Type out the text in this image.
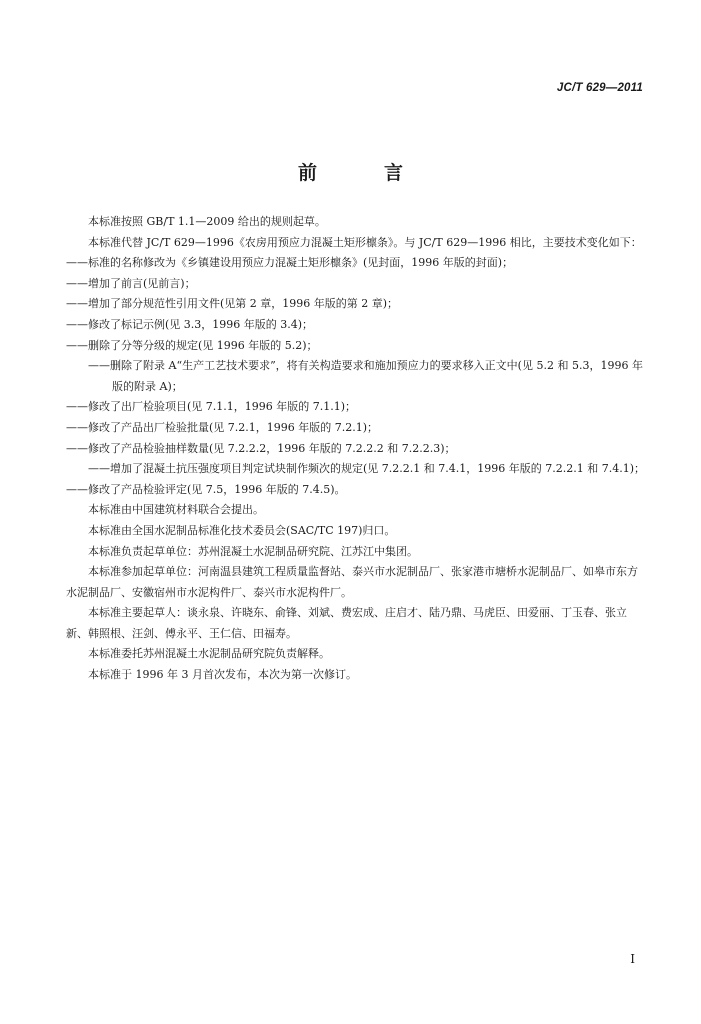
JC/T 629—2011
前　言

本标准按照 GB/T 1.1—2009 给出的规则起草。

本标准代替 JC/T 629—1996《农房用预应力混凝土矩形檩条》。与 JC/T 629—1996 相比，主要技术变化如下：

——标准的名称修改为《乡镇建设用预应力混凝土矩形檩条》(见封面，1996 年版的封面)；

——增加了前言(见前言)；

——增加了部分规范性引用文件(见第 2 章，1996 年版的第 2 章)；

——修改了标记示例(见 3.3，1996 年版的 3.4)；

——删除了分等分级的规定(见 1996 年版的 5.2)；

——删除了附录 A“生产工艺技术要求”，将有关构造要求和施加预应力的要求移入正文中(见 5.2 和 5.3，1996 年版的附录 A)；

——修改了出厂检验项目(见 7.1.1，1996 年版的 7.1.1)；

——修改了产品出厂检验批量(见 7.2.1，1996 年版的 7.2.1)；

——修改了产品检验抽样数量(见 7.2.2.2，1996 年版的 7.2.2.2 和 7.2.2.3)；

——增加了混凝土抗压强度项目判定试块制作频次的规定(见 7.2.2.1 和 7.4.1，1996 年版的 7.2.2.1 和 7.4.1)；

——修改了产品检验评定(见 7.5，1996 年版的 7.4.5)。

本标准由中国建筑材料联合会提出。

本标准由全国水泥制品标准化技术委员会(SAC/TC 197)归口。

本标准负责起草单位：苏州混凝土水泥制品研究院、江苏江中集团。

本标准参加起草单位：河南温县建筑工程质量监督站、泰兴市水泥制品厂、张家港市塘桥水泥制品厂、如皋市东方水泥制品厂、安徽宿州市水泥构件厂、泰兴市水泥构件厂。

本标准主要起草人：谈永泉、许晓东、俞锋、刘斌、费宏成、庄启才、陆乃鼎、马虎臣、田爱丽、丁玉春、张立新、韩照根、汪剑、傅永平、王仁信、田福寿。

本标准委托苏州混凝土水泥制品研究院负责解释。

本标准于 1996 年 3 月首次发布，本次为第一次修订。

I
